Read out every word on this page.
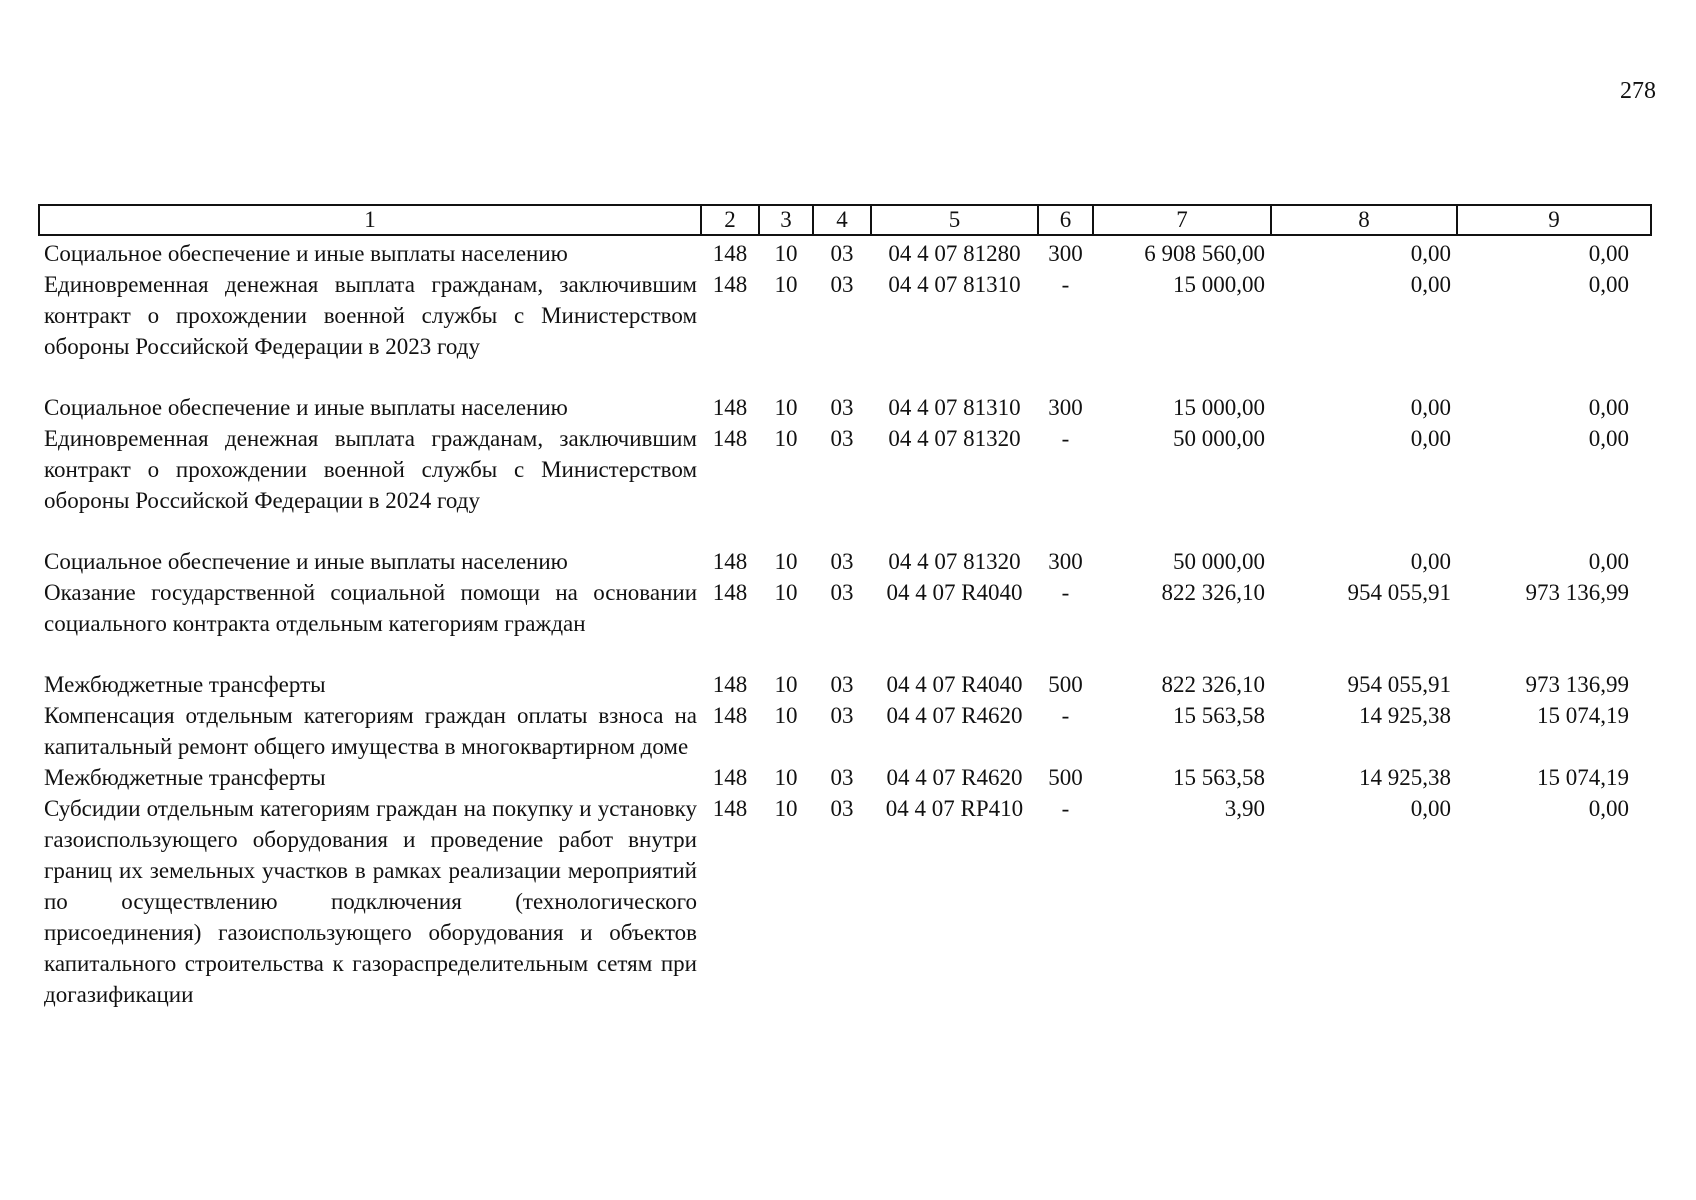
278
1	2	3	4	5	6	7	8	9
Социальное обеспечение и иные выплаты населению	148	10	03	04 4 07 81280	300	6 908 560,00	0,00	0,00
Единовременная денежная выплата гражданам, заключившим контракт о прохождении военной службы с Министерством обороны Российской Федерации в 2023 году	148	10	03	04 4 07 81310	-	15 000,00	0,00	0,00
Социальное обеспечение и иные выплаты населению	148	10	03	04 4 07 81310	300	15 000,00	0,00	0,00
Единовременная денежная выплата гражданам, заключившим контракт о прохождении военной службы с Министерством обороны Российской Федерации в 2024 году	148	10	03	04 4 07 81320	-	50 000,00	0,00	0,00
Социальное обеспечение и иные выплаты населению	148	10	03	04 4 07 81320	300	50 000,00	0,00	0,00
Оказание государственной социальной помощи на основании социального контракта отдельным категориям граждан	148	10	03	04 4 07 R4040	-	822 326,10	954 055,91	973 136,99
Межбюджетные трансферты	148	10	03	04 4 07 R4040	500	822 326,10	954 055,91	973 136,99
Компенсация отдельным категориям граждан оплаты взноса на капитальный ремонт общего имущества в многоквартирном доме	148	10	03	04 4 07 R4620	-	15 563,58	14 925,38	15 074,19
Межбюджетные трансферты	148	10	03	04 4 07 R4620	500	15 563,58	14 925,38	15 074,19
Субсидии отдельным категориям граждан на покупку и установку газоиспользующего оборудования и проведение работ внутри границ их земельных участков в рамках реализации мероприятий по осуществлению подключения (технологического присоединения) газоиспользующего оборудования и объектов капитального строительства к газораспределительным сетям при догазификации	148	10	03	04 4 07 RP410	-	3,90	0,00	0,00
